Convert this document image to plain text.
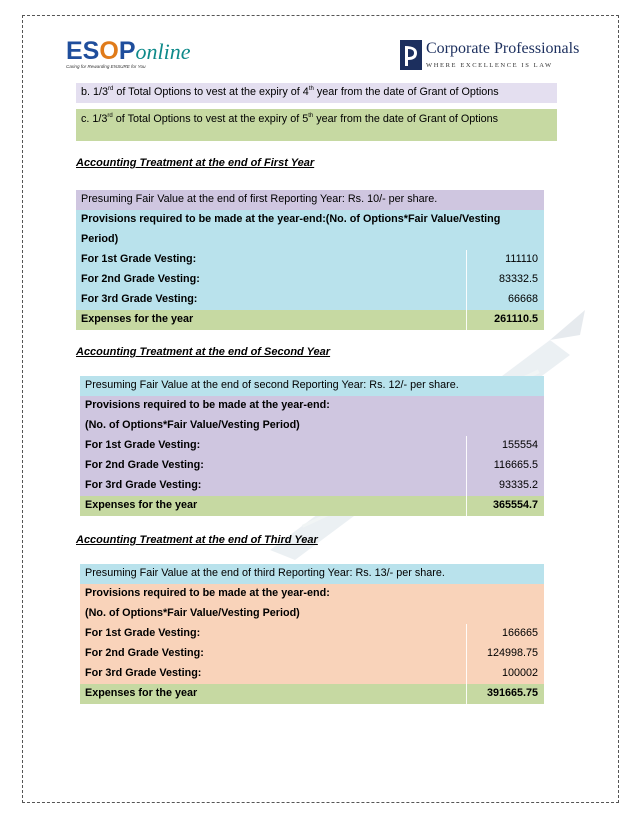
ESOPonline
Caring for Rewarding ENSURE for You
Corporate Professionals
WHERE EXCELLENCE IS LAW
b. 1/3rd of Total Options to vest at the expiry of 4th year from the date of Grant of Options
c. 1/3rd of Total Options to vest at the expiry of 5th year from the date of Grant of Options
Accounting Treatment at the end of First Year
Presuming Fair Value at the end of first Reporting Year: Rs. 10/- per share.
Provisions required to be made at the year-end:(No. of Options*Fair Value/Vesting
Period)
For 1st Grade Vesting:	111110
For 2nd Grade Vesting:	83332.5
For 3rd Grade Vesting:	66668
Expenses for the year	261110.5
Accounting Treatment at the end of Second Year
Presuming Fair Value at the end of second Reporting Year: Rs. 12/- per share.
Provisions required to be made at the year-end:
(No. of Options*Fair Value/Vesting Period)
For 1st Grade Vesting:	155554
For 2nd Grade Vesting:	116665.5
For 3rd Grade Vesting:	93335.2
Expenses for the year	365554.7
Accounting Treatment at the end of Third Year
Presuming Fair Value at the end of third Reporting Year: Rs. 13/- per share.
Provisions required to be made at the year-end:
(No. of Options*Fair Value/Vesting Period)
For 1st Grade Vesting:	166665
For 2nd Grade Vesting:	124998.75
For 3rd Grade Vesting:	100002
Expenses for the year	391665.75
